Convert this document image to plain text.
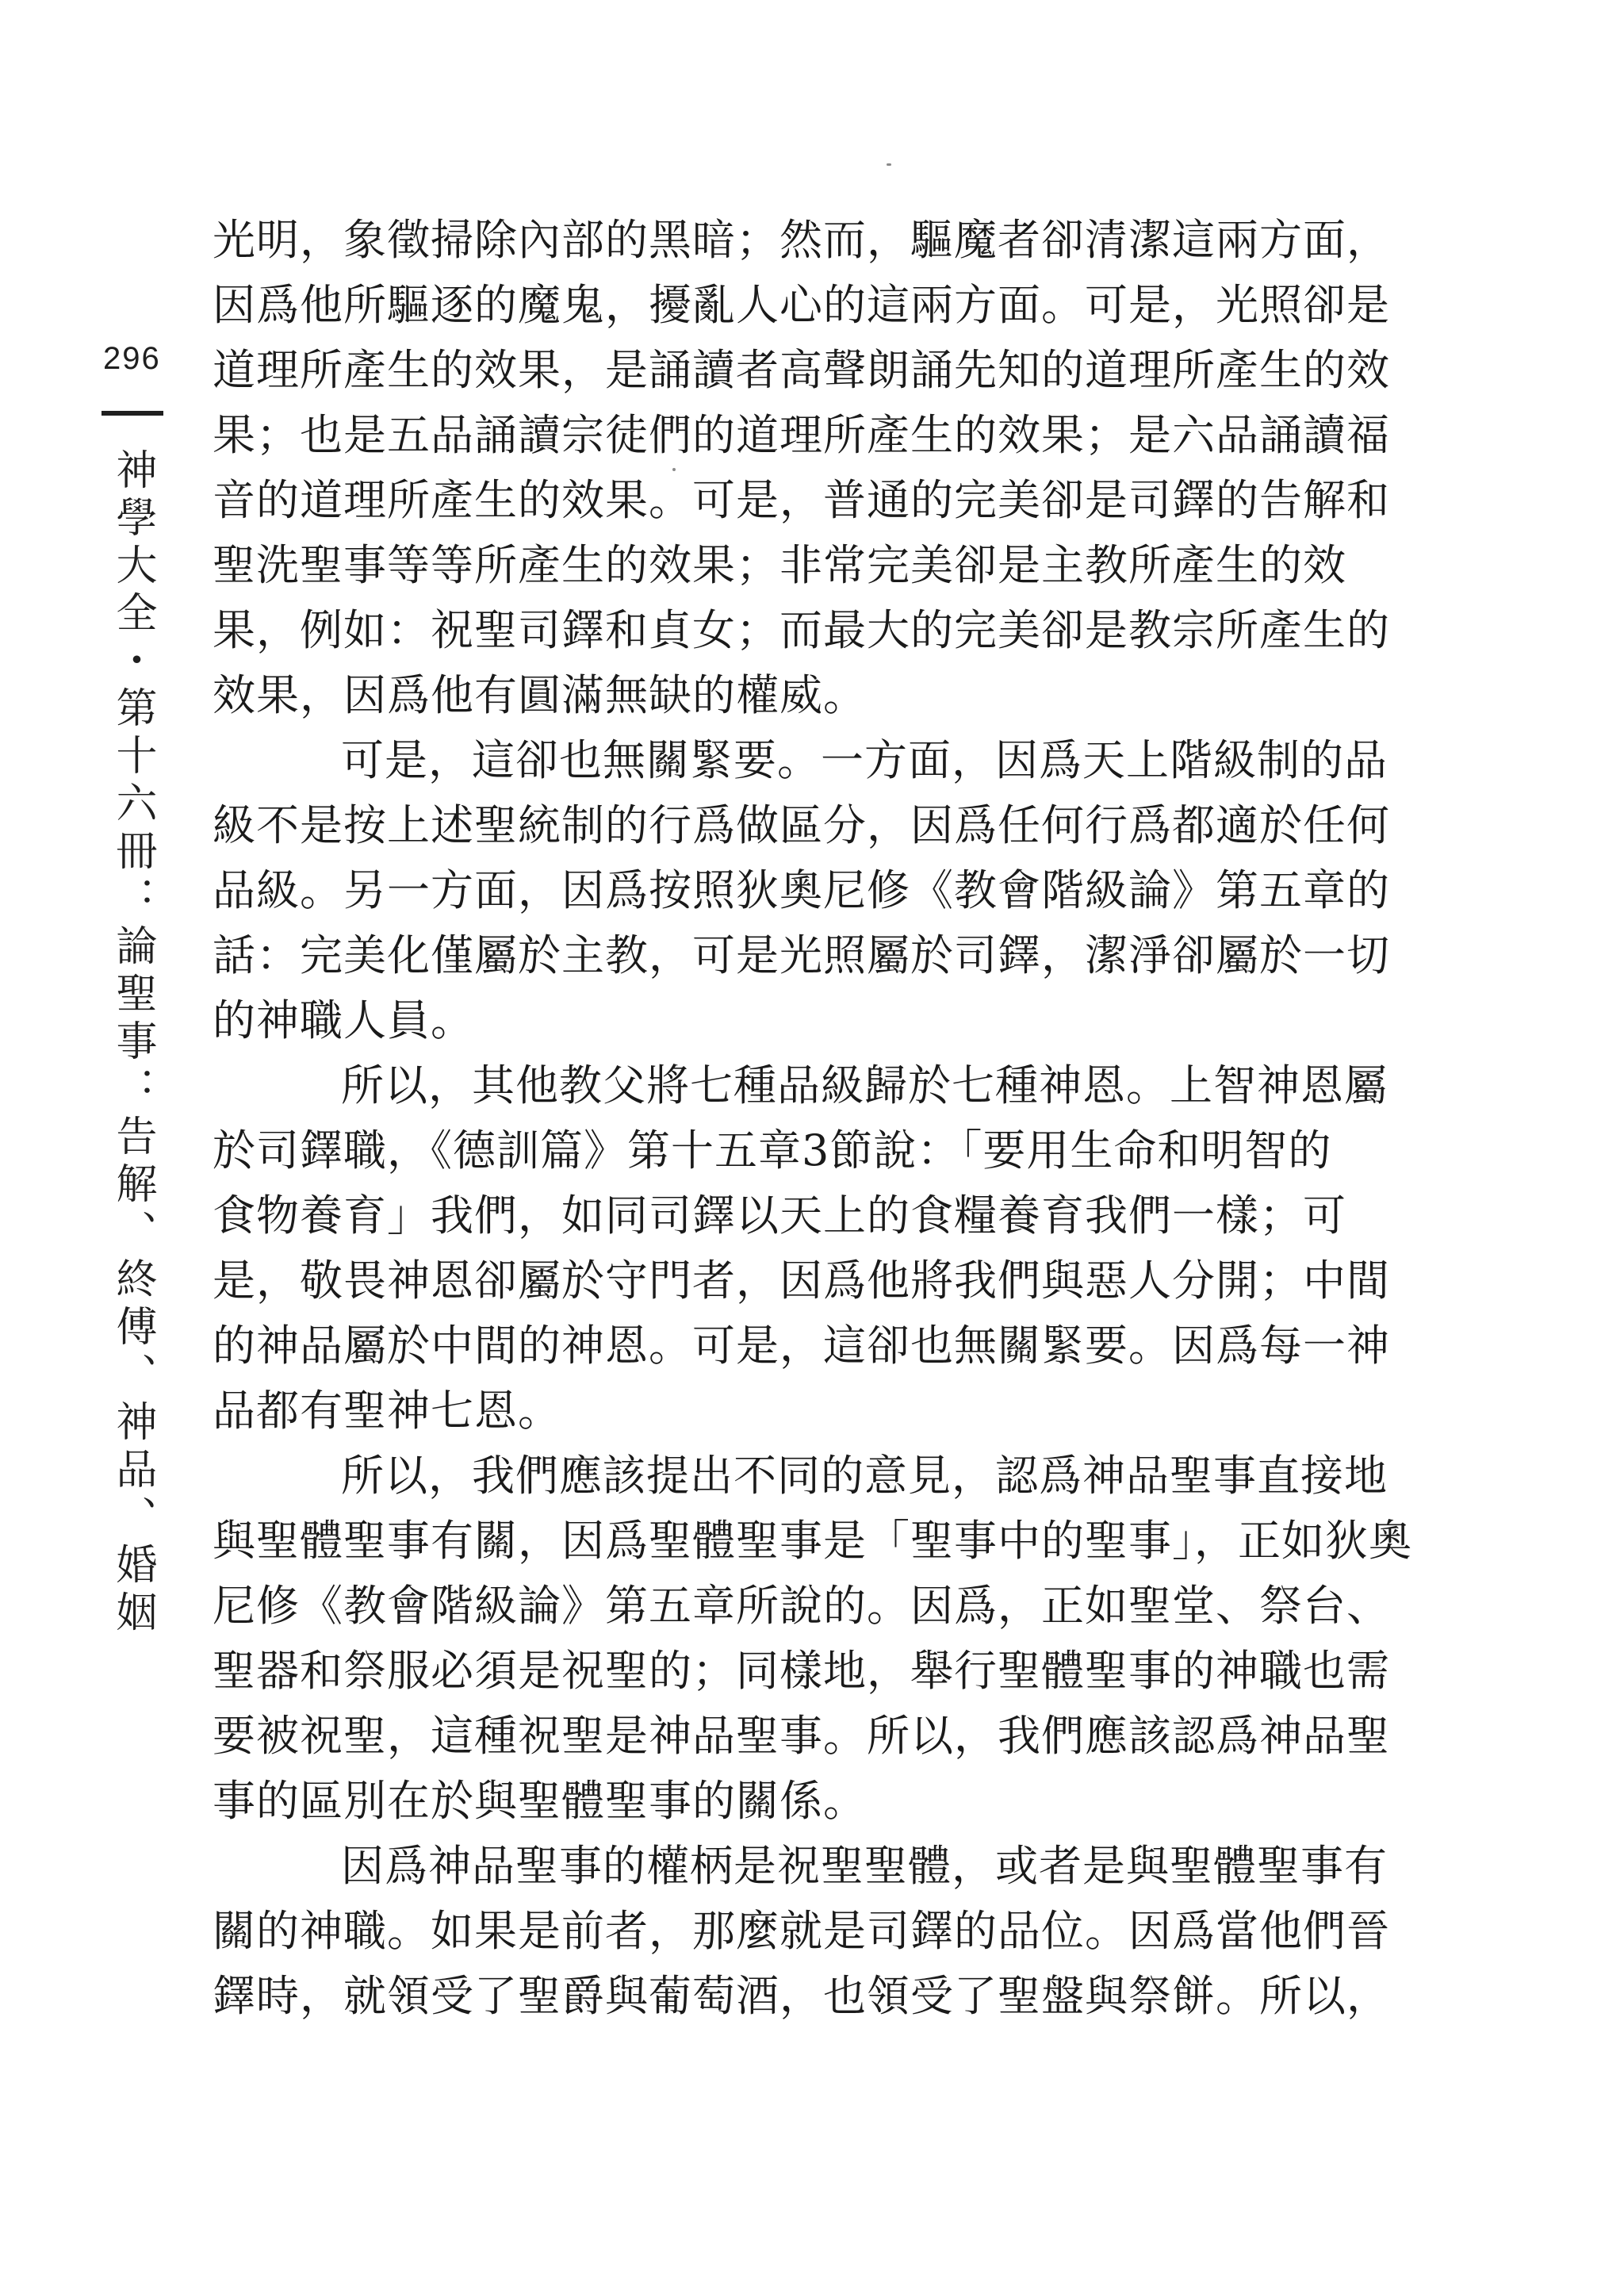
296
神學大全・第十六冊：論聖事：告解、終傅、神品、婚姻

光明，象徵掃除內部的黑暗；然而，驅魔者卻清潔這兩方面，
因爲他所驅逐的魔鬼，擾亂人心的這兩方面。可是，光照卻是
道理所產生的效果，是誦讀者高聲朗誦先知的道理所產生的效
果；也是五品誦讀宗徒們的道理所產生的效果；是六品誦讀福
音的道理所產生的效果。可是，普通的完美卻是司鐸的告解和
聖洗聖事等等所產生的效果；非常完美卻是主教所產生的效
果，例如：祝聖司鐸和貞女；而最大的完美卻是教宗所產生的
效果，因爲他有圓滿無缺的權威。

可是，這卻也無關緊要。一方面，因爲天上階級制的品
級不是按上述聖統制的行爲做區分，因爲任何行爲都適於任何
品級。另一方面，因爲按照狄奧尼修《教會階級論》第五章的
話：完美化僅屬於主教，可是光照屬於司鐸，潔淨卻屬於一切
的神職人員。

所以，其他教父將七種品級歸於七種神恩。上智神恩屬
於司鐸職，《德訓篇》第十五章3節說：「要用生命和明智的
食物養育」我們，如同司鐸以天上的食糧養育我們一樣；可
是，敬畏神恩卻屬於守門者，因爲他將我們與惡人分開；中間
的神品屬於中間的神恩。可是，這卻也無關緊要。因爲每一神
品都有聖神七恩。

所以，我們應該提出不同的意見，認爲神品聖事直接地
與聖體聖事有關，因爲聖體聖事是「聖事中的聖事」，正如狄奧
尼修《教會階級論》第五章所說的。因爲，正如聖堂、祭台、
聖器和祭服必須是祝聖的；同樣地，舉行聖體聖事的神職也需
要被祝聖，這種祝聖是神品聖事。所以，我們應該認爲神品聖
事的區別在於與聖體聖事的關係。

因爲神品聖事的權柄是祝聖聖體，或者是與聖體聖事有
關的神職。如果是前者，那麼就是司鐸的品位。因爲當他們晉
鐸時，就領受了聖爵與葡萄酒，也領受了聖盤與祭餅。所以，
